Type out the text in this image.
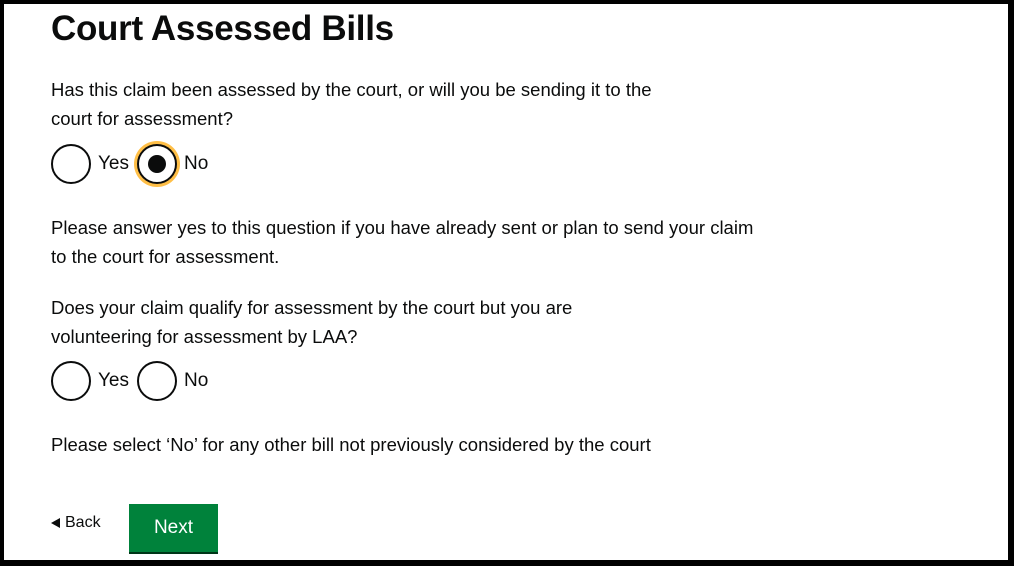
Court Assessed Bills
Has this claim been assessed by the court, or will you be sending it to the
court for assessment?
Yes	No
Please answer yes to this question if you have already sent or plan to send your claim
to the court for assessment.
Does your claim qualify for assessment by the court but you are
volunteering for assessment by LAA?
Yes	No
Please select ‘No’ for any other bill not previously considered by the court
Back	Next
